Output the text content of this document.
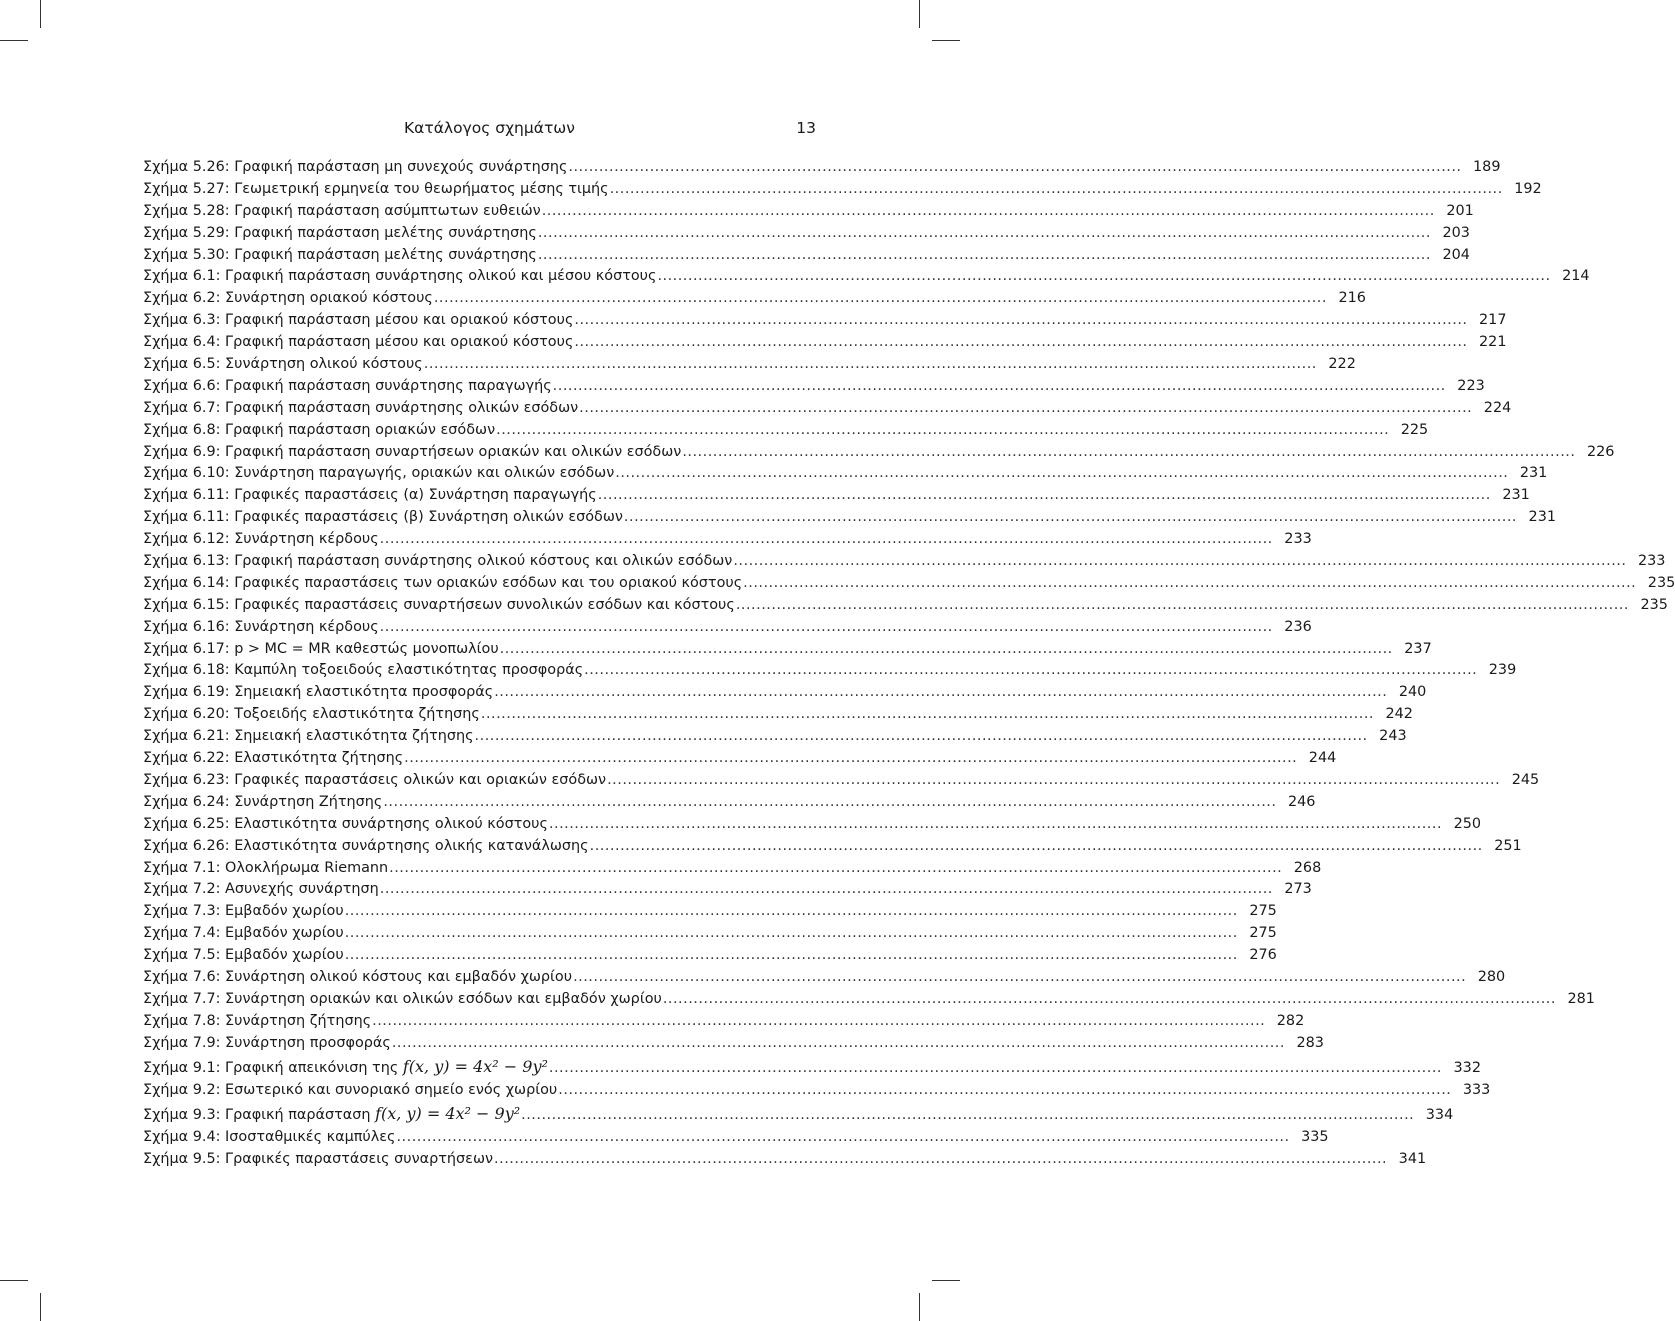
Κατάλογος σχημάτων	13
Σχήμα 5.26: Γραφική παράσταση μη συνεχούς συνάρτησης .....	189
Σχήμα 5.27: Γεωμετρική ερμηνεία του θεωρήματος μέσης τιμής .....	192
Σχήμα 5.28: Γραφική παράσταση ασύμπτωτων ευθειών .....	201
Σχήμα 5.29: Γραφική παράσταση μελέτης συνάρτησης .....	203
Σχήμα 5.30: Γραφική παράσταση μελέτης συνάρτησης .....	204
Σχήμα 6.1: Γραφική παράσταση συνάρτησης ολικού και μέσου κόστους .....	214
Σχήμα 6.2: Συνάρτηση οριακού κόστους .....	216
Σχήμα 6.3: Γραφική παράσταση μέσου και οριακού κόστους .....	217
Σχήμα 6.4: Γραφική παράσταση μέσου και οριακού κόστους .....	221
Σχήμα 6.5: Συνάρτηση ολικού κόστους .....	222
Σχήμα 6.6: Γραφική παράσταση συνάρτησης παραγωγής .....	223
Σχήμα 6.7: Γραφική παράσταση συνάρτησης ολικών εσόδων .....	224
Σχήμα 6.8: Γραφική παράσταση οριακών εσόδων .....	225
Σχήμα 6.9: Γραφική παράσταση συναρτήσεων οριακών και ολικών εσόδων .....	226
Σχήμα 6.10: Συνάρτηση παραγωγής, οριακών και ολικών εσόδων .....	231
Σχήμα 6.11: Γραφικές παραστάσεις (α) Συνάρτηση παραγωγής .....	231
Σχήμα 6.11: Γραφικές παραστάσεις (β) Συνάρτηση ολικών εσόδων .....	231
Σχήμα 6.12: Συνάρτηση κέρδους .....	233
Σχήμα 6.13: Γραφική παράσταση συνάρτησης ολικού κόστους και ολικών εσόδων .....	233
Σχήμα 6.14: Γραφικές παραστάσεις των οριακών εσόδων και του οριακού κόστους .....	235
Σχήμα 6.15: Γραφικές παραστάσεις συναρτήσεων συνολικών εσόδων και κόστους .....	235
Σχήμα 6.16: Συνάρτηση κέρδους .....	236
Σχήμα 6.17: p > MC = MR καθεστώς μονοπωλίου .....	237
Σχήμα 6.18: Καμπύλη τοξοειδούς ελαστικότητας προσφοράς .....	239
Σχήμα 6.19: Σημειακή ελαστικότητα προσφοράς .....	240
Σχήμα 6.20: Τοξοειδής ελαστικότητα ζήτησης .....	242
Σχήμα 6.21: Σημειακή ελαστικότητα ζήτησης .....	243
Σχήμα 6.22: Ελαστικότητα ζήτησης .....	244
Σχήμα 6.23: Γραφικές παραστάσεις ολικών και οριακών εσόδων .....	245
Σχήμα 6.24: Συνάρτηση Ζήτησης .....	246
Σχήμα 6.25: Ελαστικότητα συνάρτησης ολικού κόστους .....	250
Σχήμα 6.26: Ελαστικότητα συνάρτησης ολικής κατανάλωσης .....	251
Σχήμα 7.1: Ολοκλήρωμα Riemann .....	268
Σχήμα 7.2: Ασυνεχής συνάρτηση .....	273
Σχήμα 7.3: Εμβαδόν χωρίου .....	275
Σχήμα 7.4: Εμβαδόν χωρίου .....	275
Σχήμα 7.5: Εμβαδόν χωρίου .....	276
Σχήμα 7.6: Συνάρτηση ολικού κόστους και εμβαδόν χωρίου .....	280
Σχήμα 7.7: Συνάρτηση οριακών και ολικών εσόδων και εμβαδόν χωρίου .....	281
Σχήμα 7.8: Συνάρτηση ζήτησης .....	282
Σχήμα 7.9: Συνάρτηση προσφοράς .....	283
Σχήμα 9.1: Γραφική απεικόνιση της f(x, y) = 4x² − 9y² .....	332
Σχήμα 9.2: Εσωτερικό και συνοριακό σημείο ενός χωρίου .....	333
Σχήμα 9.3: Γραφική παράσταση f(x, y) = 4x² − 9y² .....	334
Σχήμα 9.4: Ισοσταθμικές καμπύλες .....	335
Σχήμα 9.5: Γραφικές παραστάσεις συναρτήσεων .....	341
